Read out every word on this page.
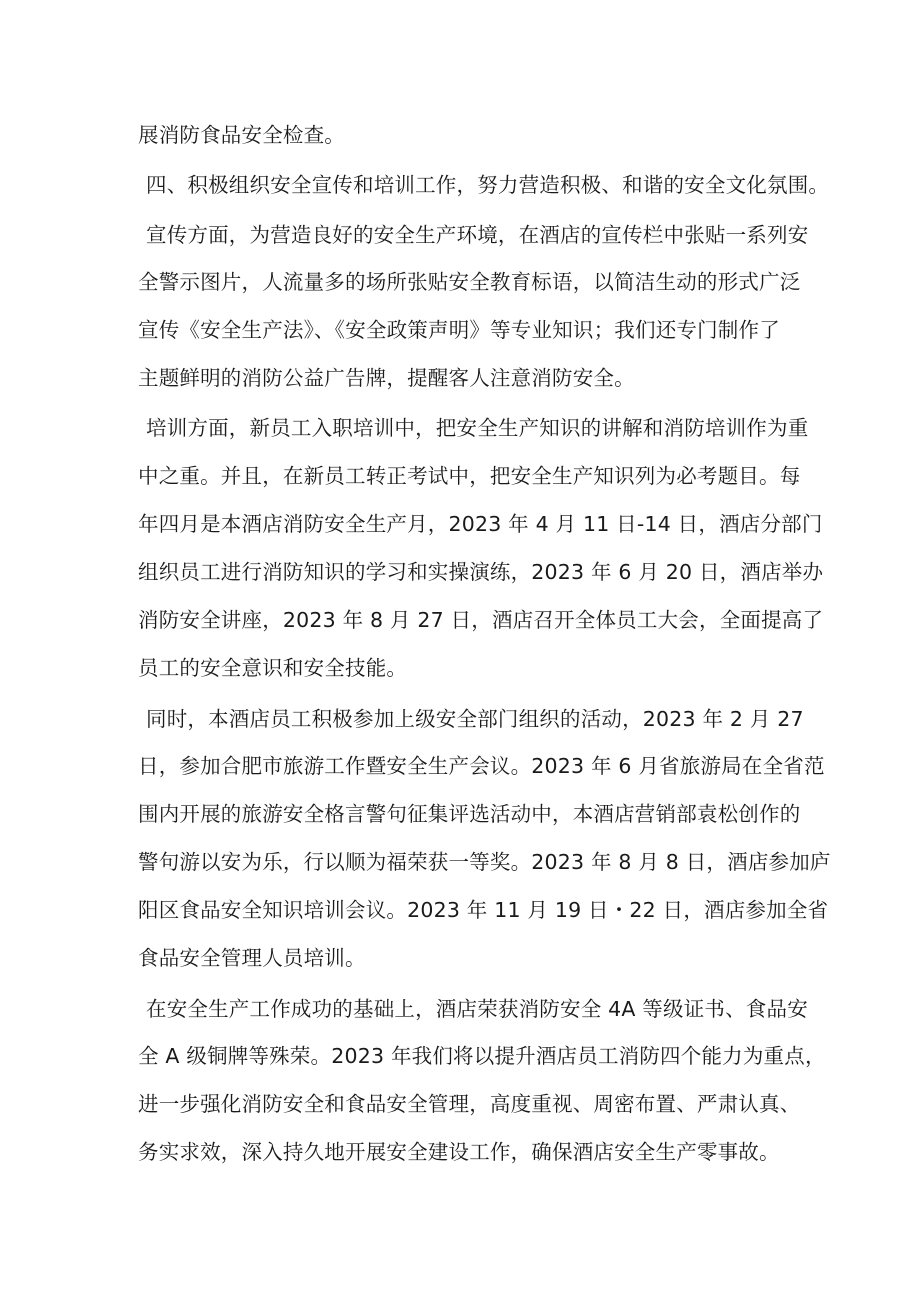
展消防食品安全检查。
四、积极组织安全宣传和培训工作，努力营造积极、和谐的安全文化氛围。
宣传方面，为营造良好的安全生产环境，在酒店的宣传栏中张贴一系列安
全警示图片，人流量多的场所张贴安全教育标语，以简洁生动的形式广泛
宣传《安全生产法》、《安全政策声明》等专业知识；我们还专门制作了
主题鲜明的消防公益广告牌，提醒客人注意消防安全。
培训方面，新员工入职培训中，把安全生产知识的讲解和消防培训作为重
中之重。并且，在新员工转正考试中，把安全生产知识列为必考题目。每
年四月是本酒店消防安全生产月，2023 年 4 月 11 日-14 日，酒店分部门
组织员工进行消防知识的学习和实操演练，2023 年 6 月 20 日，酒店举办
消防安全讲座，2023 年 8 月 27 日，酒店召开全体员工大会，全面提高了
员工的安全意识和安全技能。
同时，本酒店员工积极参加上级安全部门组织的活动，2023 年 2 月 27
日，参加合肥市旅游工作暨安全生产会议。2023 年 6 月省旅游局在全省范
围内开展的旅游安全格言警句征集评选活动中，本酒店营销部袁松创作的
警句游以安为乐，行以顺为福荣获一等奖。2023 年 8 月 8 日，酒店参加庐
阳区食品安全知识培训会议。2023 年 11 月 19 日・22 日，酒店参加全省
食品安全管理人员培训。
在安全生产工作成功的基础上，酒店荣获消防安全 4A 等级证书、食品安
全 A 级铜牌等殊荣。2023 年我们将以提升酒店员工消防四个能力为重点，
进一步强化消防安全和食品安全管理，高度重视、周密布置、严肃认真、
务实求效，深入持久地开展安全建设工作，确保酒店安全生产零事故。
